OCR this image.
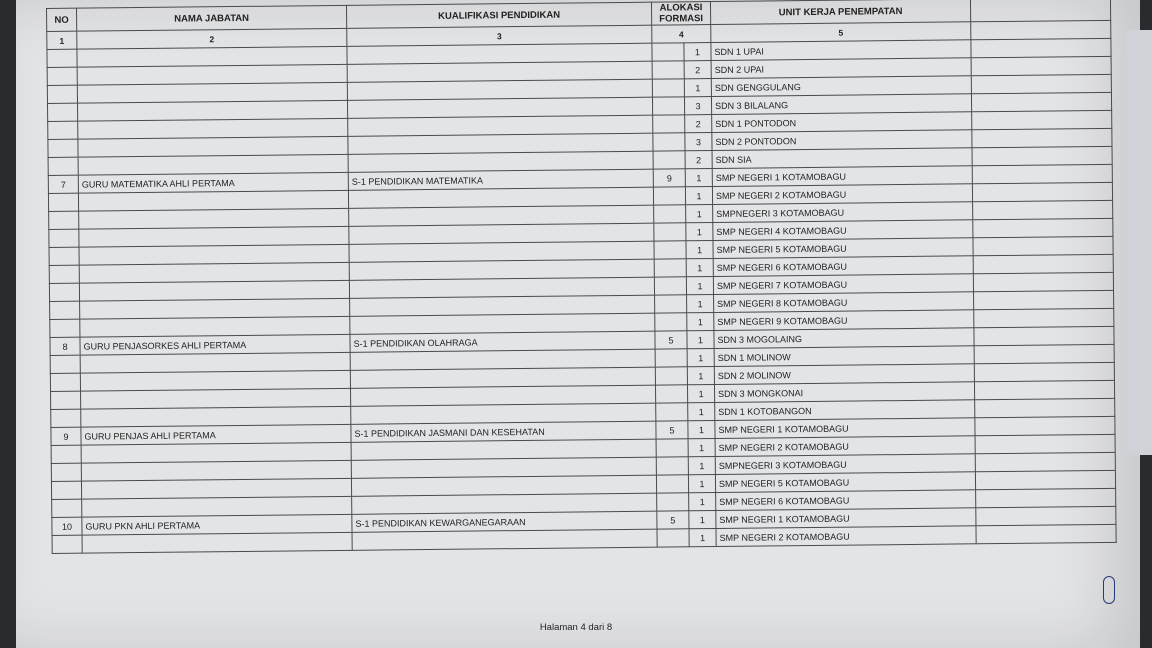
NO	NAMA JABATAN	KUALIFIKASI PENDIDIKAN	ALOKASI
FORMASI		UNIT KERJA PENEMPATAN	
1	2	3	4		5	
				1	SDN 1 UPAI	
				2	SDN 2 UPAI	
				1	SDN GENGGULANG	
				3	SDN 3 BILALANG	
				2	SDN 1 PONTODON	
				3	SDN 2 PONTODON	
				2	SDN SIA	
7	GURU MATEMATIKA AHLI PERTAMA	S-1 PENDIDIKAN MATEMATIKA	9	1	SMP NEGERI 1 KOTAMOBAGU	
				1	SMP NEGERI 2 KOTAMOBAGU	
				1	SMPNEGERI 3 KOTAMOBAGU	
				1	SMP NEGERI 4 KOTAMOBAGU	
				1	SMP NEGERI 5 KOTAMOBAGU	
				1	SMP NEGERI 6 KOTAMOBAGU	
				1	SMP NEGERI 7 KOTAMOBAGU	
				1	SMP NEGERI 8 KOTAMOBAGU	
				1	SMP NEGERI 9 KOTAMOBAGU	
8	GURU PENJASORKES AHLI PERTAMA	S-1 PENDIDIKAN OLAHRAGA	5	1	SDN 3 MOGOLAING	
				1	SDN 1 MOLINOW	
				1	SDN 2 MOLINOW	
				1	SDN 3 MONGKONAI	
				1	SDN 1 KOTOBANGON	
9	GURU PENJAS AHLI PERTAMA	S-1 PENDIDIKAN JASMANI DAN KESEHATAN	5	1	SMP NEGERI 1 KOTAMOBAGU	
				1	SMP NEGERI 2 KOTAMOBAGU	
				1	SMPNEGERI 3 KOTAMOBAGU	
				1	SMP NEGERI 5 KOTAMOBAGU	
				1	SMP NEGERI 6 KOTAMOBAGU	
10	GURU PKN AHLI PERTAMA	S-1 PENDIDIKAN KEWARGANEGARAAN	5	1	SMP NEGERI 1 KOTAMOBAGU	
				1	SMP NEGERI 2 KOTAMOBAGU	
Halaman 4 dari 8
